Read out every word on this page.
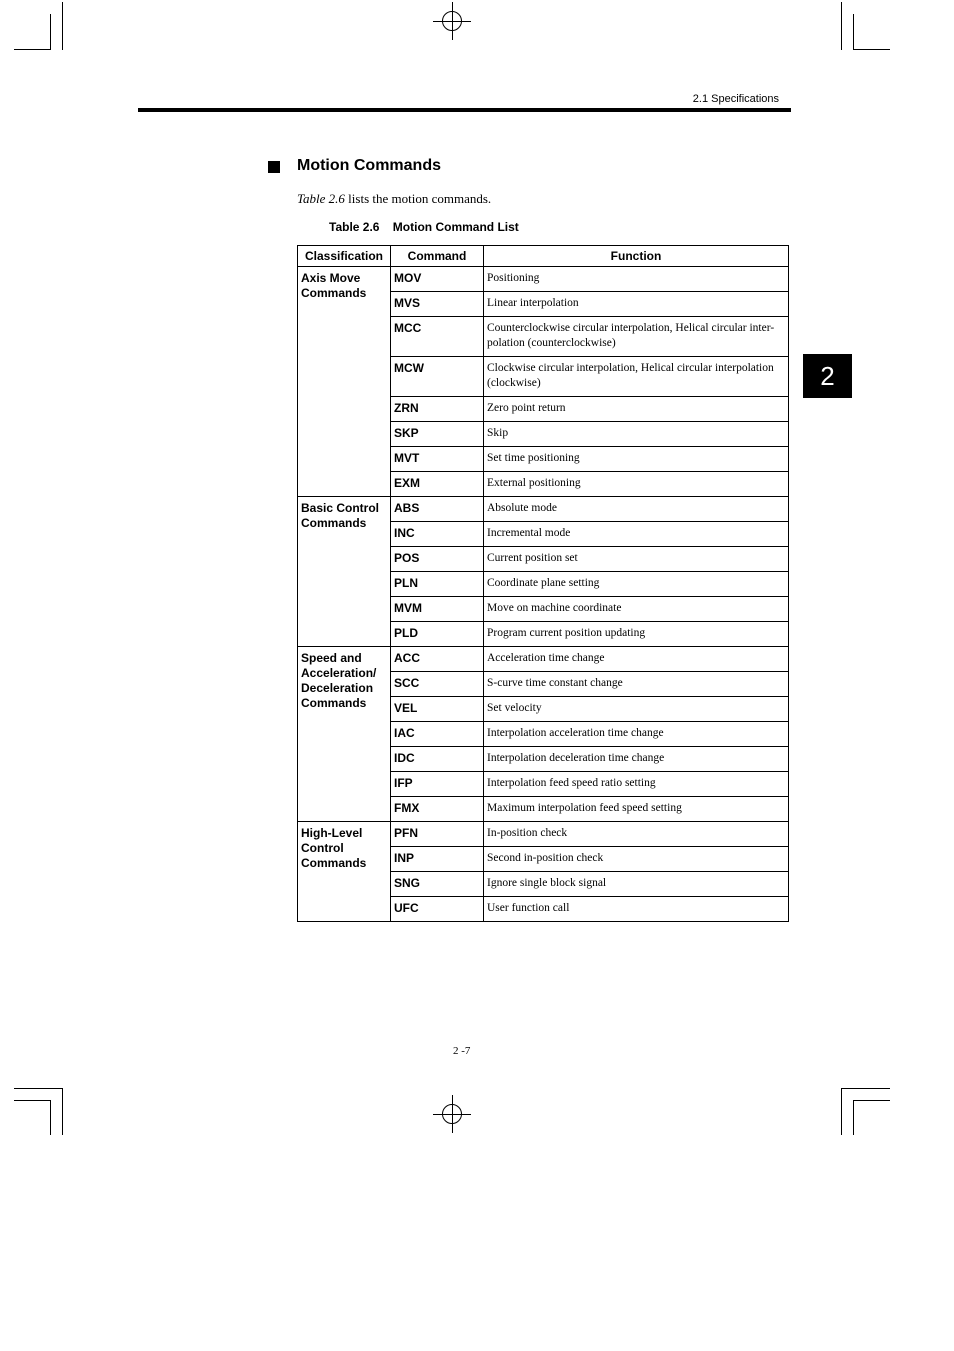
2.1 Specifications
2
Motion Commands
Table 2.6 lists the motion commands.
Table 2.6    Motion Command List
Classification	Command	Function
Axis Move Commands	MOV	Positioning
	MVS	Linear interpolation
	MCC	Counterclockwise circular interpolation, Helical circular inter-polation (counterclockwise)
	MCW	Clockwise circular interpolation, Helical circular interpolation (clockwise)
	ZRN	Zero point return
	SKP	Skip
	MVT	Set time positioning
	EXM	External positioning
Basic Control Commands	ABS	Absolute mode
	INC	Incremental mode
	POS	Current position set
	PLN	Coordinate plane setting
	MVM	Move on machine coordinate
	PLD	Program current position updating
Speed and Acceleration/ Deceleration Commands	ACC	Acceleration time change
	SCC	S-curve time constant change
	VEL	Set velocity
	IAC	Interpolation acceleration time change
	IDC	Interpolation deceleration time change
	IFP	Interpolation feed speed ratio setting
	FMX	Maximum interpolation feed speed setting
High-Level Control Commands	PFN	In-position check
	INP	Second in-position check
	SNG	Ignore single block signal
	UFC	User function call
2 -7
